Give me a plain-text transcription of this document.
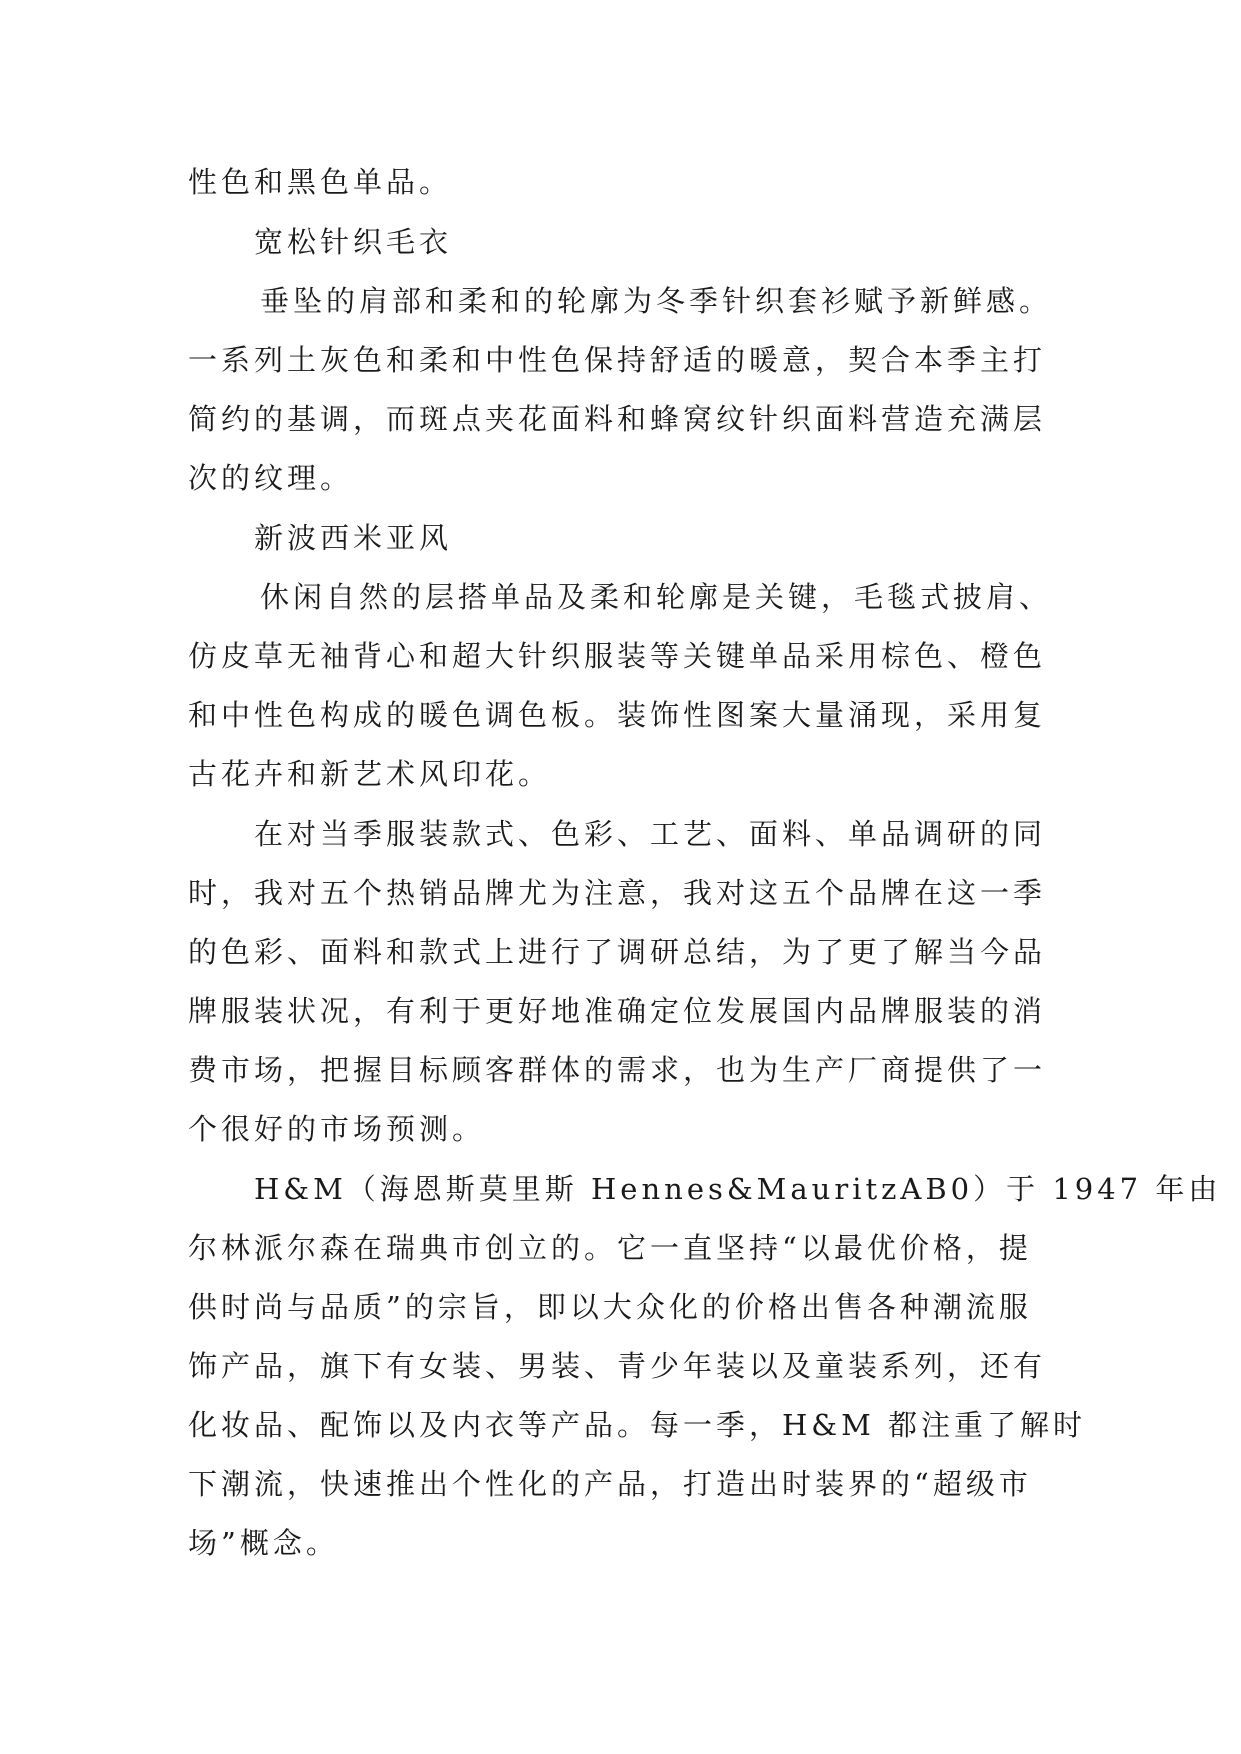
性色和黑色单品。
宽松针织毛衣
垂坠的肩部和柔和的轮廓为冬季针织套衫赋予新鲜感。
一系列土灰色和柔和中性色保持舒适的暖意，契合本季主打
简约的基调，而斑点夹花面料和蜂窝纹针织面料营造充满层
次的纹理。
新波西米亚风
休闲自然的层搭单品及柔和轮廓是关键，毛毯式披肩、
仿皮草无袖背心和超大针织服装等关键单品采用棕色、橙色
和中性色构成的暖色调色板。装饰性图案大量涌现，采用复
古花卉和新艺术风印花。
在对当季服装款式、色彩、工艺、面料、单品调研的同
时，我对五个热销品牌尤为注意，我对这五个品牌在这一季
的色彩、面料和款式上进行了调研总结，为了更了解当今品
牌服装状况，有利于更好地准确定位发展国内品牌服装的消
费市场，把握目标顾客群体的需求，也为生产厂商提供了一
个很好的市场预测。
H&M（海恩斯莫里斯 Hennes&MauritzAB0）于 1947 年由
尔林派尔森在瑞典市创立的。它一直坚持“以最优价格，提
供时尚与品质”的宗旨，即以大众化的价格出售各种潮流服
饰产品，旗下有女装、男装、青少年装以及童装系列，还有
化妆品、配饰以及内衣等产品。每一季，H&M 都注重了解时
下潮流，快速推出个性化的产品，打造出时装界的“超级市
场”概念。
